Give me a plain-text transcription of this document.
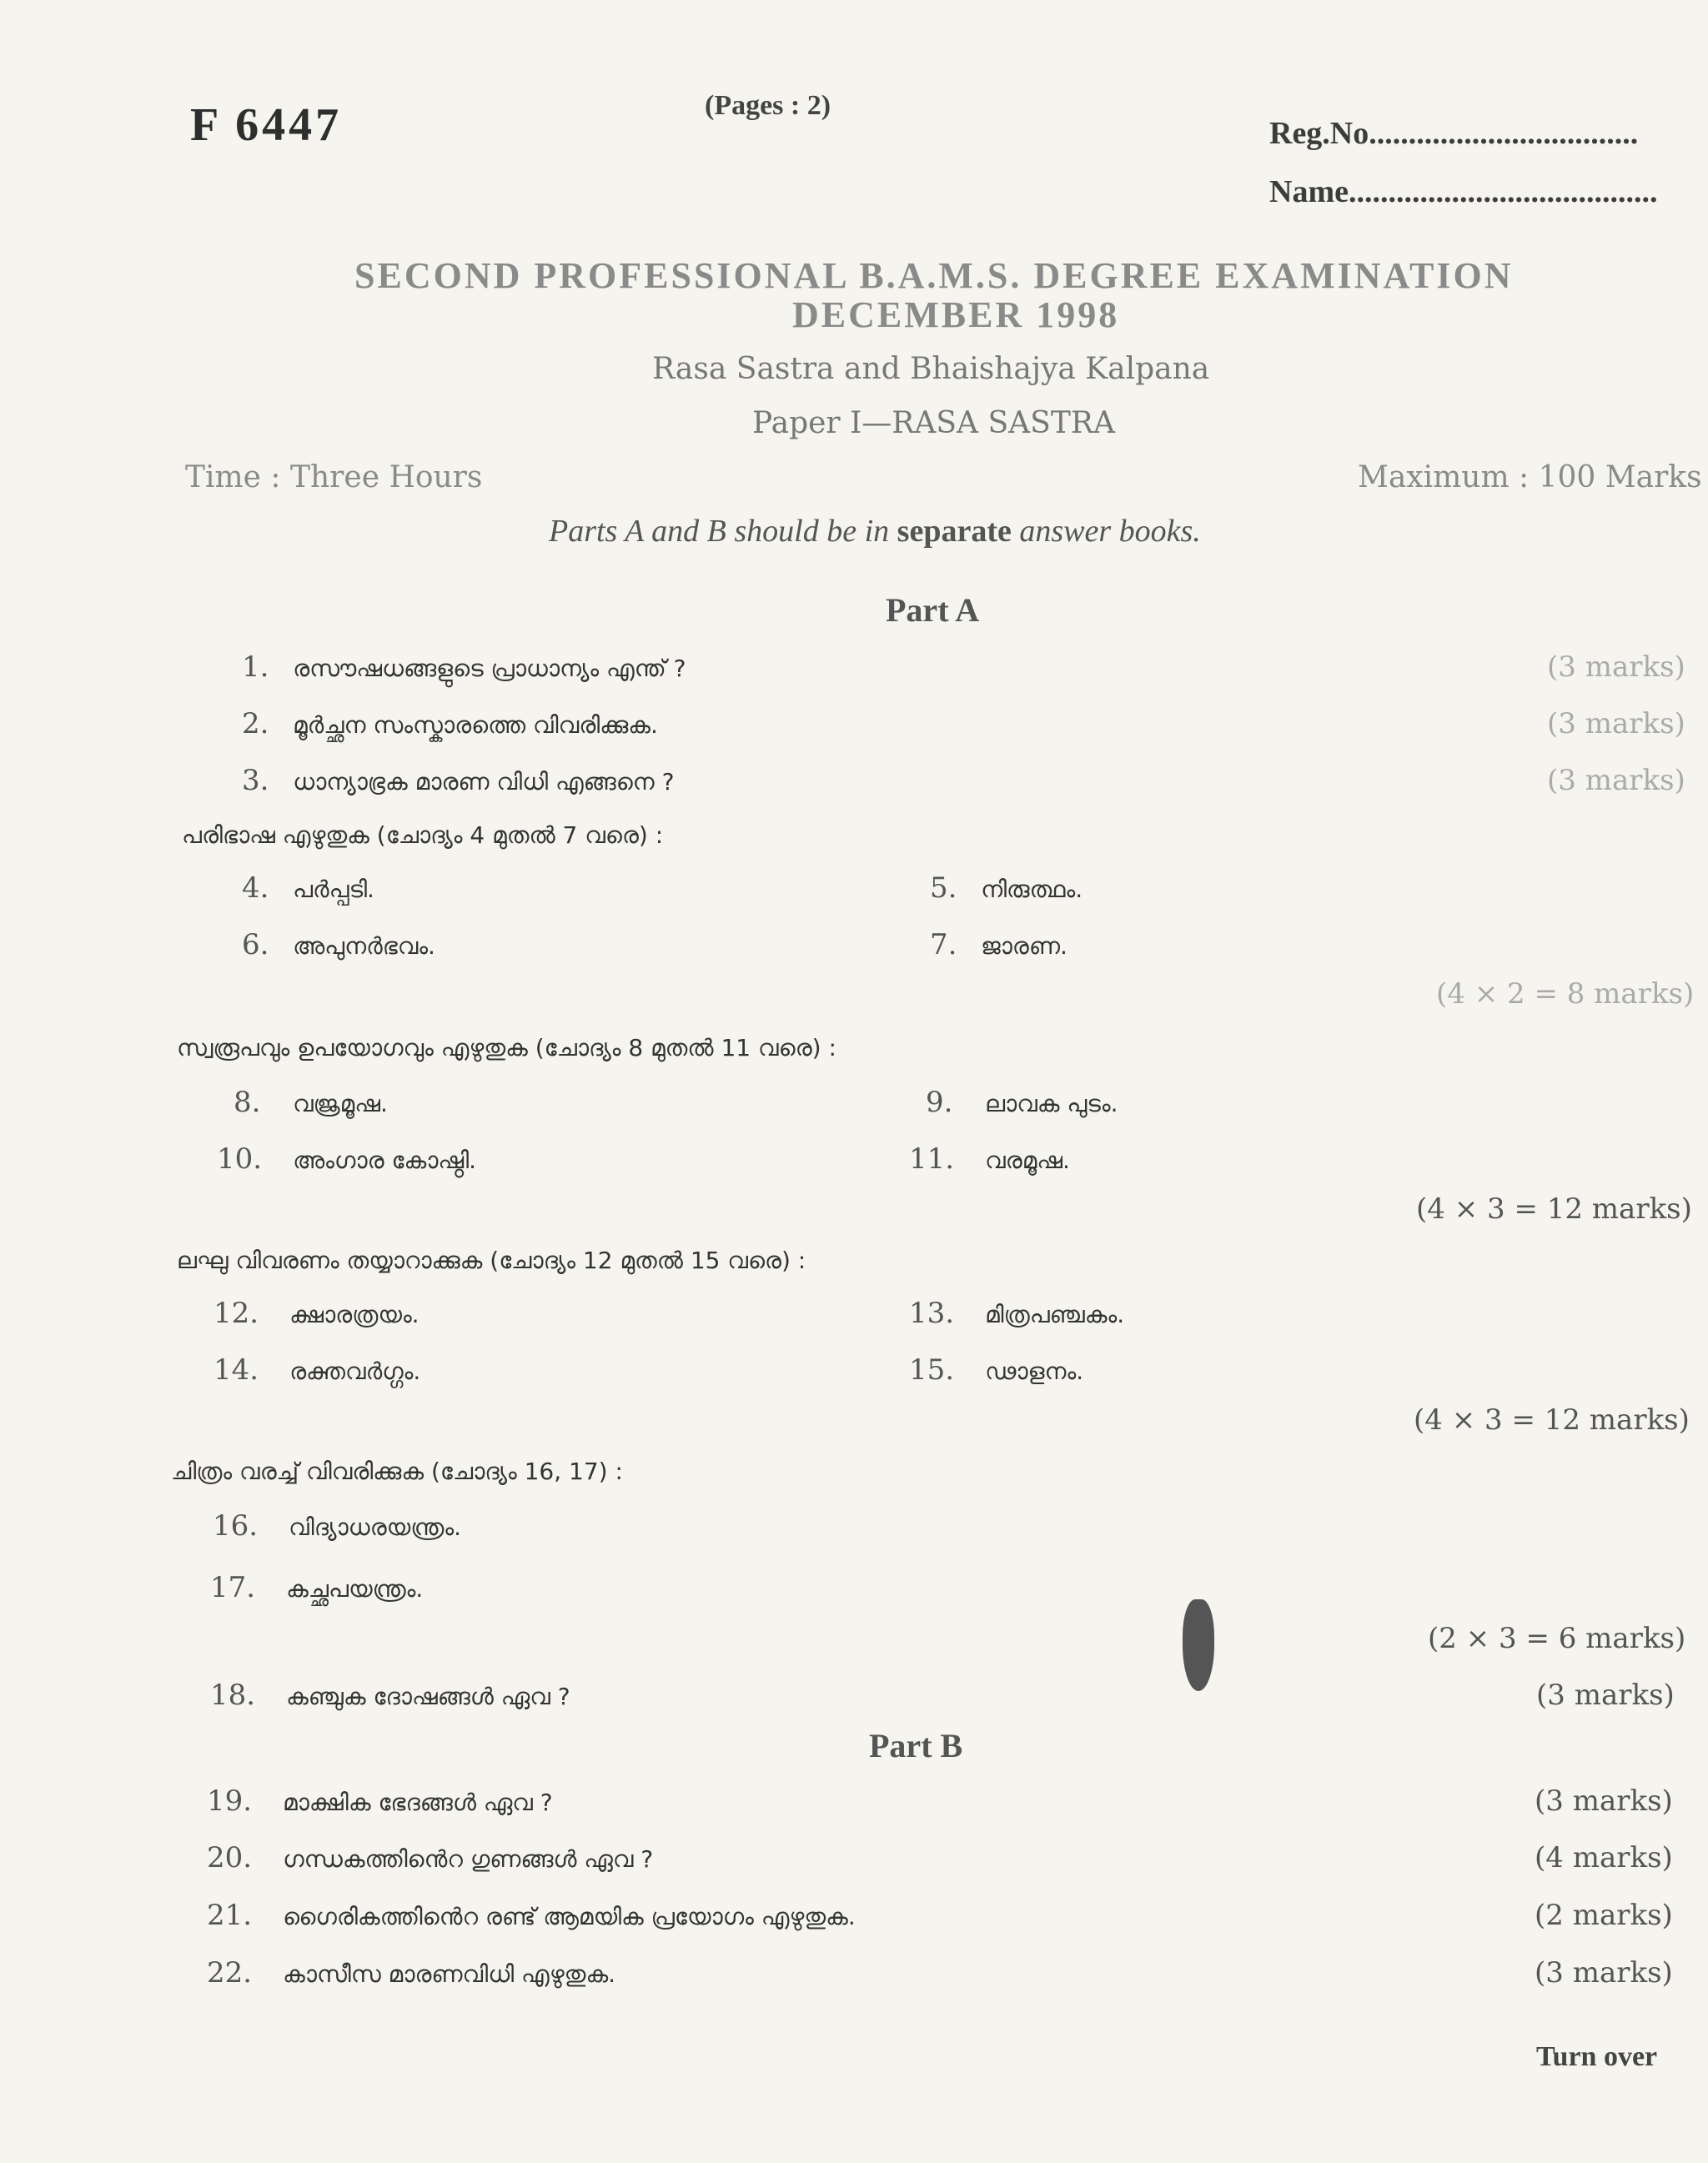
F 6447	(Pages : 2)
Reg.No..................................
Name.......................................
SECOND PROFESSIONAL B.A.M.S. DEGREE EXAMINATION
DECEMBER 1998
Rasa Sastra and Bhaishajya Kalpana
Paper I—RASA SASTRA
Time : Three Hours	Maximum : 100 Marks
Parts A and B should be in separate answer books.
Part A
1. രസൗഷധങ്ങളുടെ പ്രാധാന്യം എന്ത് ?	(3 marks)
2. മൂർച്ഛന സംസ്കാരത്തെ വിവരിക്കുക.	(3 marks)
3. ധാന്യാഭ്രക മാരണ വിധി എങ്ങനെ ?	(3 marks)
പരിഭാഷ എഴുതുക (ചോദ്യം 4 മുതൽ 7 വരെ) :
4. പർപ്പടി.	5. നിരുത്ഥം.
6. അപുനർഭവം.	7. ജാരണ.
(4 × 2 = 8 marks)
സ്വരൂപവും ഉപയോഗവും എഴുതുക (ചോദ്യം 8 മുതൽ 11 വരെ) :
8. വജ്രമൂഷ.	9. ലാവക പുടം.
10. അംഗാര കോഷ്ഠി.	11. വരമൂഷ.
(4 × 3 = 12 marks)
ലഘു വിവരണം തയ്യാറാക്കുക (ചോദ്യം 12 മുതൽ 15 വരെ) :
12. ക്ഷാരത്രയം.	13. മിത്രപഞ്ചകം.
14. രക്തവർഗ്ഗം.	15. ഢാളനം.
(4 × 3 = 12 marks)
ചിത്രം വരച്ച് വിവരിക്കുക (ചോദ്യം 16, 17) :
16. വിദ്യാധരയന്ത്രം.
17. കച്ഛപയന്ത്രം.
(2 × 3 = 6 marks)
18. കഞ്ചുക ദോഷങ്ങൾ ഏവ ?	(3 marks)
Part B
19. മാക്ഷിക ഭേദങ്ങൾ ഏവ ?	(3 marks)
20. ഗന്ധകത്തിൻെറ ഗുണങ്ങൾ ഏവ ?	(4 marks)
21. ഗൈരികത്തിൻെറ രണ്ട് ആമയിക പ്രയോഗം എഴുതുക.	(2 marks)
22. കാസീസ മാരണവിധി എഴുതുക.	(3 marks)
Turn over
